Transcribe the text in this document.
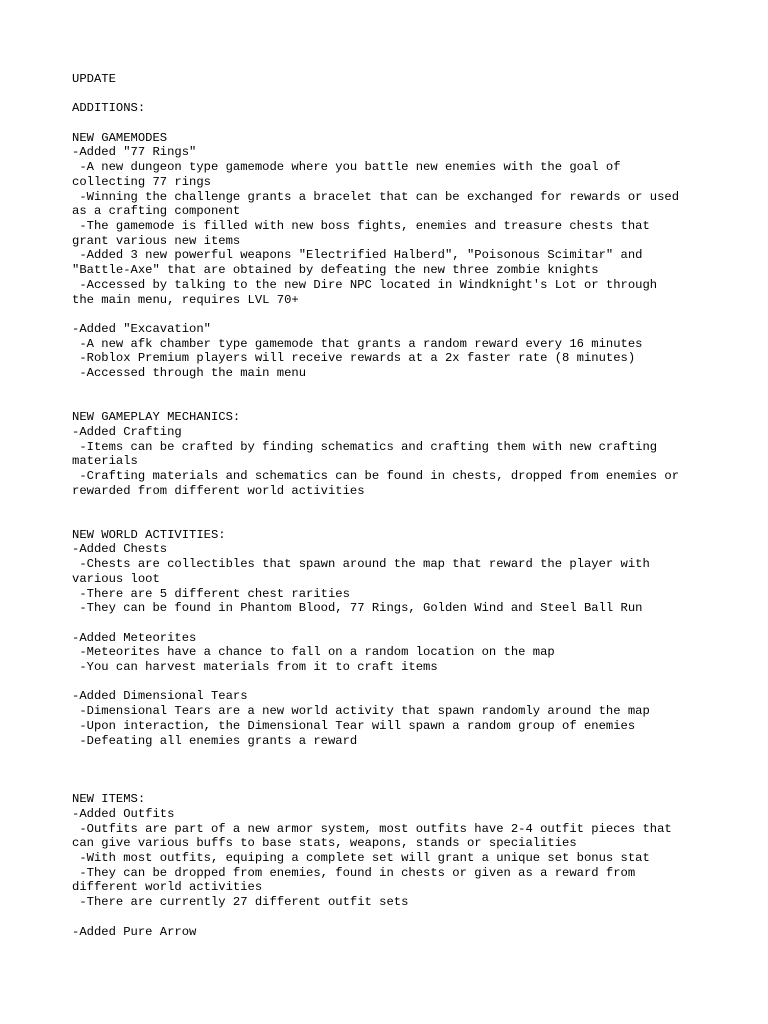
UPDATE
ADDITIONS:
NEW GAMEMODES
-Added "77 Rings"
-A new dungeon type gamemode where you battle new enemies with the goal of
collecting 77 rings
-Winning the challenge grants a bracelet that can be exchanged for rewards or used
as a crafting component
-The gamemode is filled with new boss fights, enemies and treasure chests that
grant various new items
-Added 3 new powerful weapons "Electrified Halberd", "Poisonous Scimitar" and
"Battle-Axe" that are obtained by defeating the new three zombie knights
-Accessed by talking to the new Dire NPC located in Windknight's Lot or through
the main menu, requires LVL 70+
-Added "Excavation"
-A new afk chamber type gamemode that grants a random reward every 16 minutes
-Roblox Premium players will receive rewards at a 2x faster rate (8 minutes)
-Accessed through the main menu
NEW GAMEPLAY MECHANICS:
-Added Crafting
-Items can be crafted by finding schematics and crafting them with new crafting
materials
-Crafting materials and schematics can be found in chests, dropped from enemies or
rewarded from different world activities
NEW WORLD ACTIVITIES:
-Added Chests
-Chests are collectibles that spawn around the map that reward the player with
various loot
-There are 5 different chest rarities
-They can be found in Phantom Blood, 77 Rings, Golden Wind and Steel Ball Run
-Added Meteorites
-Meteorites have a chance to fall on a random location on the map
-You can harvest materials from it to craft items
-Added Dimensional Tears
-Dimensional Tears are a new world activity that spawn randomly around the map
-Upon interaction, the Dimensional Tear will spawn a random group of enemies
-Defeating all enemies grants a reward
NEW ITEMS:
-Added Outfits
-Outfits are part of a new armor system, most outfits have 2-4 outfit pieces that
can give various buffs to base stats, weapons, stands or specialities
-With most outfits, equiping a complete set will grant a unique set bonus stat
-They can be dropped from enemies, found in chests or given as a reward from
different world activities
-There are currently 27 different outfit sets
-Added Pure Arrow
